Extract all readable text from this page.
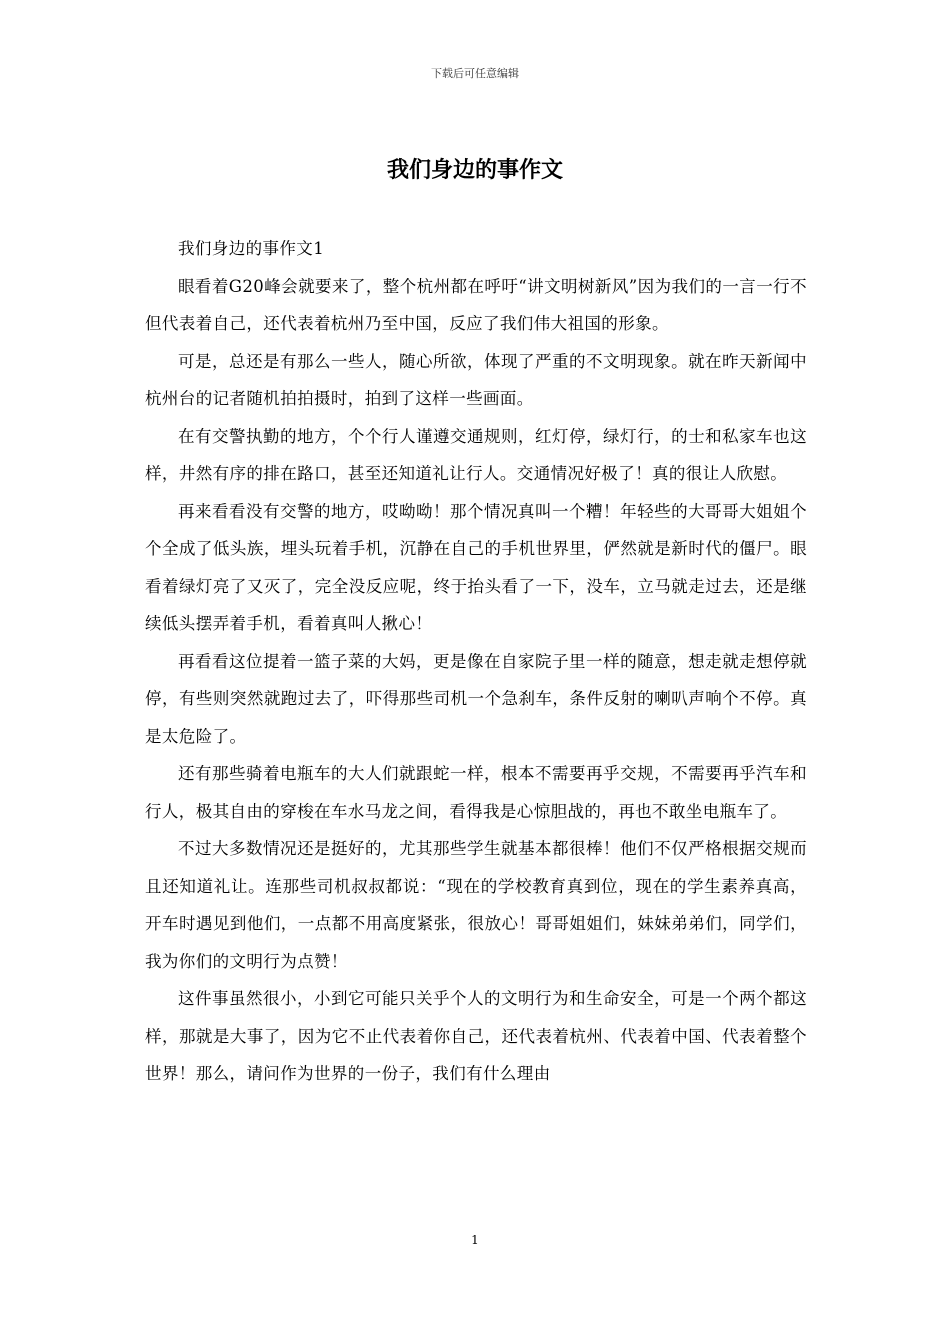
下载后可任意编辑
我们身边的事作文

我们身边的事作文1

眼看着G20峰会就要来了，整个杭州都在呼吁“讲文明树新风”因为我们的一言一行不但代表着自己，还代表着杭州乃至中国，反应了我们伟大祖国的形象。

可是，总还是有那么一些人，随心所欲，体现了严重的不文明现象。就在昨天新闻中杭州台的记者随机拍拍摄时，拍到了这样一些画面。

在有交警执勤的地方，个个行人谨遵交通规则，红灯停，绿灯行，的士和私家车也这样，井然有序的排在路口，甚至还知道礼让行人。交通情况好极了！真的很让人欣慰。

再来看看没有交警的地方，哎呦呦！那个情况真叫一个糟！年轻些的大哥哥大姐姐个个全成了低头族，埋头玩着手机，沉静在自己的手机世界里，俨然就是新时代的僵尸。眼看着绿灯亮了又灭了，完全没反应呢，终于抬头看了一下，没车，立马就走过去，还是继续低头摆弄着手机，看着真叫人揪心！

再看看这位提着一篮子菜的大妈，更是像在自家院子里一样的随意，想走就走想停就停，有些则突然就跑过去了，吓得那些司机一个急刹车，条件反射的喇叭声响个不停。真是太危险了。

还有那些骑着电瓶车的大人们就跟蛇一样，根本不需要再乎交规，不需要再乎汽车和行人，极其自由的穿梭在车水马龙之间，看得我是心惊胆战的，再也不敢坐电瓶车了。

不过大多数情况还是挺好的，尤其那些学生就基本都很棒！他们不仅严格根据交规而且还知道礼让。连那些司机叔叔都说：“现在的学校教育真到位，现在的学生素养真高，开车时遇见到他们，一点都不用高度紧张，很放心！哥哥姐姐们，妹妹弟弟们，同学们，我为你们的文明行为点赞！

这件事虽然很小，小到它可能只关乎个人的文明行为和生命安全，可是一个两个都这样，那就是大事了，因为它不止代表着你自己，还代表着杭州、代表着中国、代表着整个世界！那么，请问作为世界的一份子，我们有什么理由

1
